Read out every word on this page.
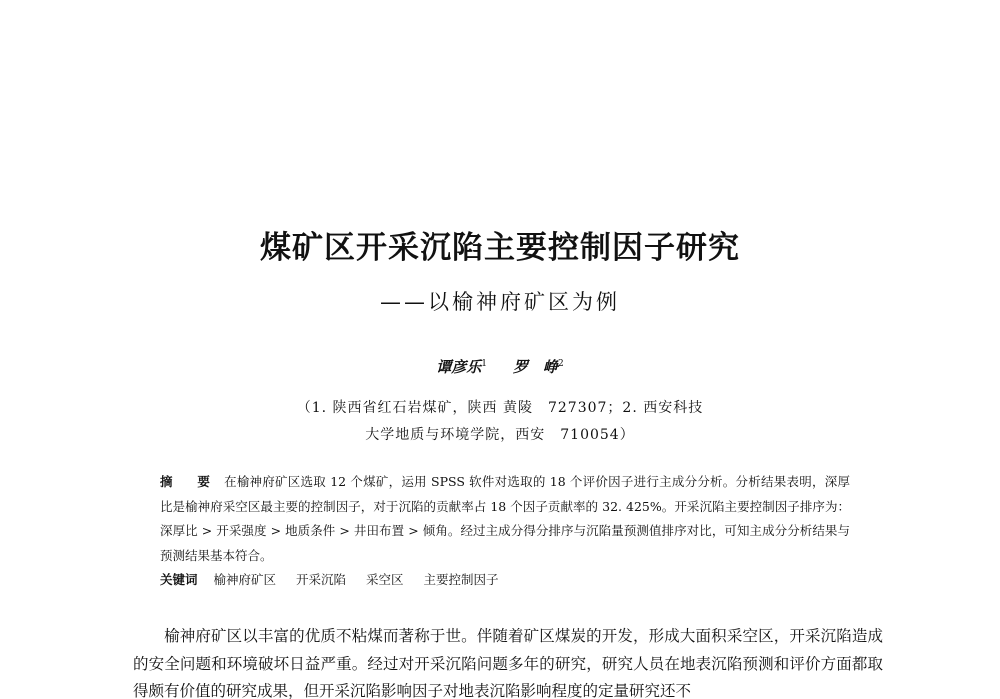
煤矿区开采沉陷主要控制因子研究
——以榆神府矿区为例
谭彦乐$^1$ 罗　峥$^2$
（1. 陕西省红石岩煤矿，陕西 黄陵　727307；2. 西安科技
大学地质与环境学院，西安　710054）
摘 要 在榆神府矿区选取 12 个煤矿，运用 SPSS 软件对选取的 18 个评价因子进行主成分分析。分析结果表明，深厚比是榆神府采空区最主要的控制因子，对于沉陷的贡献率占 18 个因子贡献率的 32. 425%。开采沉陷主要控制因子排序为：深厚比 > 开采强度 > 地质条件 > 井田布置 > 倾角。经过主成分得分排序与沉陷量预测值排序对比，可知主成分分析结果与预测结果基本符合。
关键词 榆神府矿区 开采沉陷 采空区 主要控制因子
榆神府矿区以丰富的优质不粘煤而著称于世。伴随着矿区煤炭的开发，形成大面积采空区，开采沉陷造成的安全问题和环境破坏日益严重。经过对开采沉陷问题多年的研究，研究人员在地表沉陷预测和评价方面都取得颇有价值的研究成果，但开采沉陷影响因子对地表沉陷影响程度的定量研究还不
